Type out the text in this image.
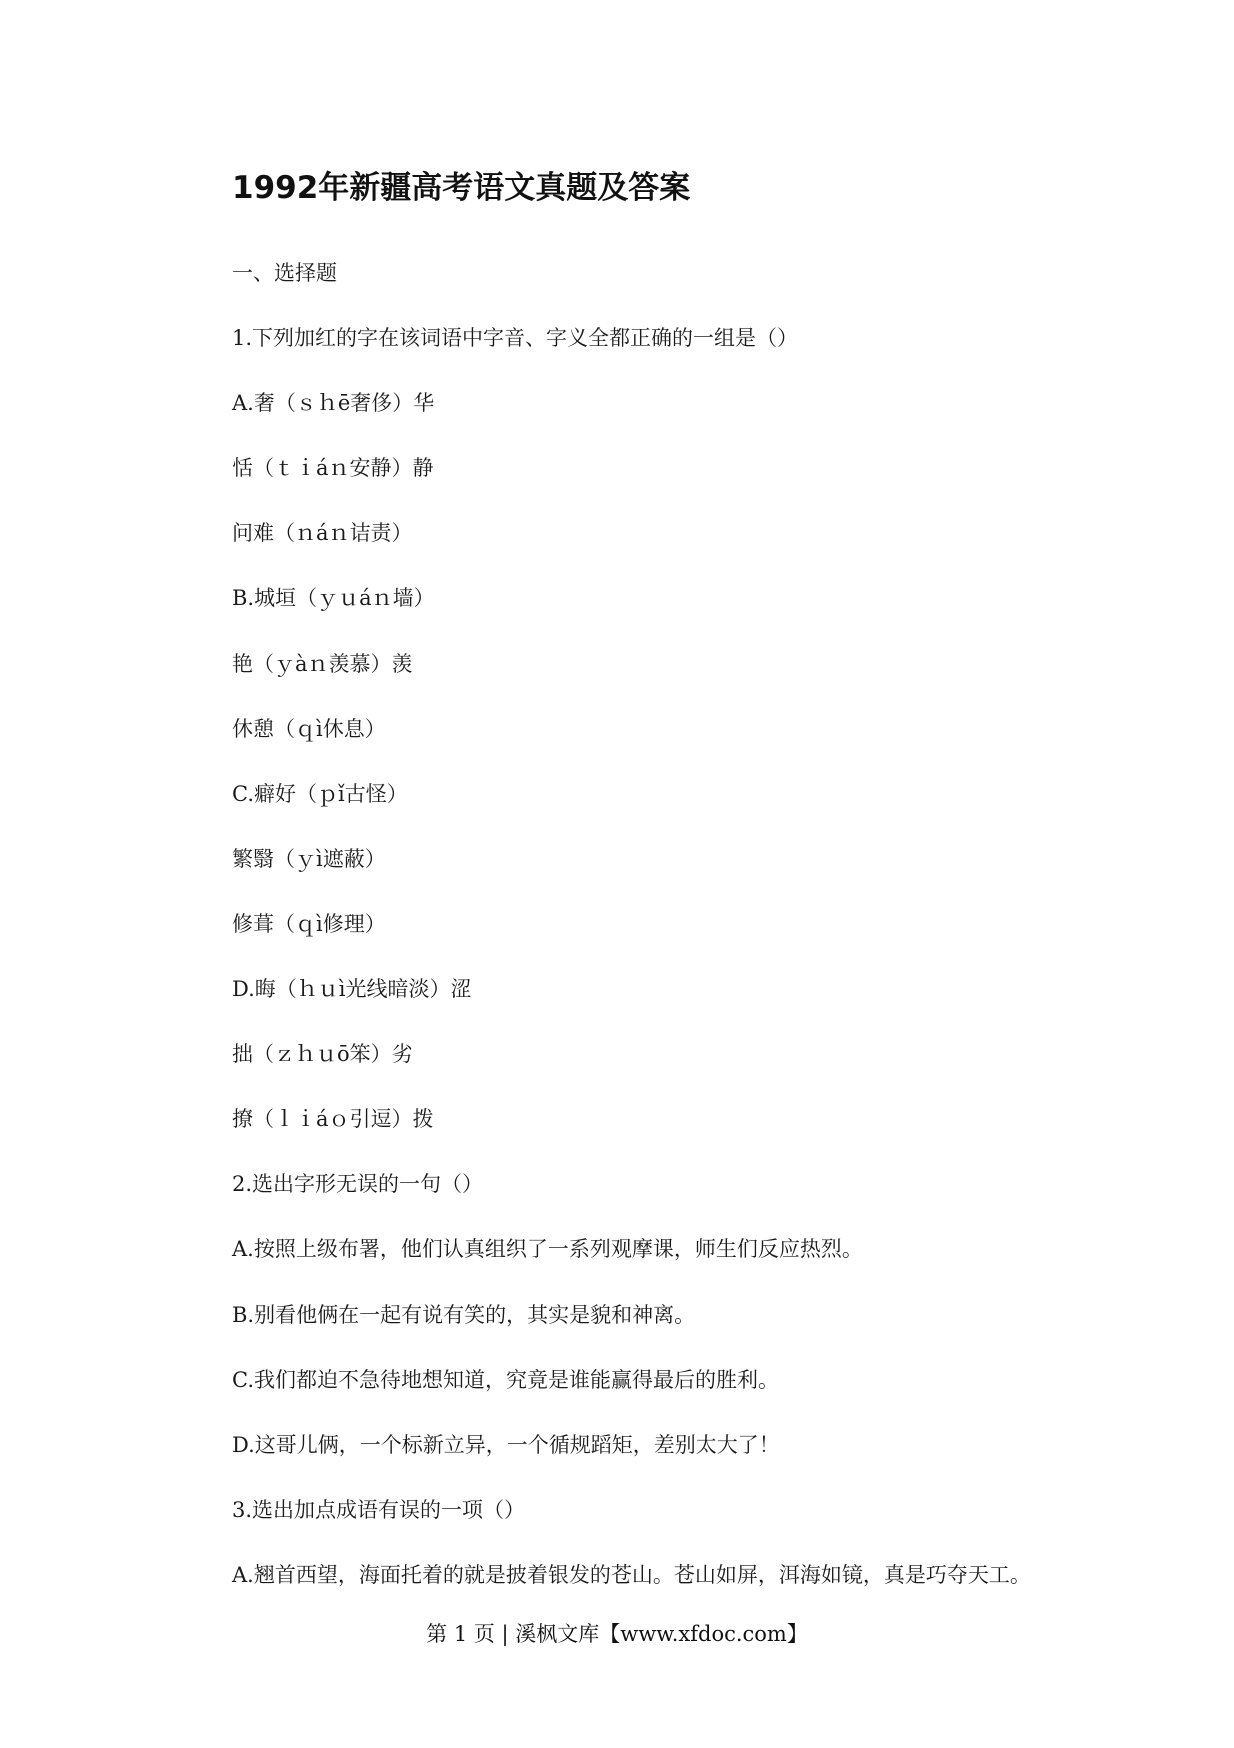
1992年新疆高考语文真题及答案
一、选择题
1.下列加红的字在该词语中字音、字义全都正确的一组是（）
A.奢（ｓｈē奢侈）华
恬（ｔｉáｎ安静）静
问难（ｎáｎ诘责）
B.城垣（ｙｕáｎ墙）
艳（ｙàｎ羡慕）羡
休憩（ｑì休息）
C.癖好（ｐǐ古怪）
繁翳（ｙì遮蔽）
修葺（ｑì修理）
D.晦（ｈｕì光线暗淡）涩
拙（ｚｈｕō笨）劣
撩（ｌｉáｏ引逗）拨
2.选出字形无误的一句（）
A.按照上级布署，他们认真组织了一系列观摩课，师生们反应热烈。
B.别看他俩在一起有说有笑的，其实是貌和神离。
C.我们都迫不急待地想知道，究竟是谁能赢得最后的胜利。
D.这哥儿俩，一个标新立异，一个循规蹈矩，差别太大了！
3.选出加点成语有误的一项（）
A.翘首西望，海面托着的就是披着银发的苍山。苍山如屏，洱海如镜，真是巧夺天工。
第 1 页 | 溪枫文库【www.xfdoc.com】
